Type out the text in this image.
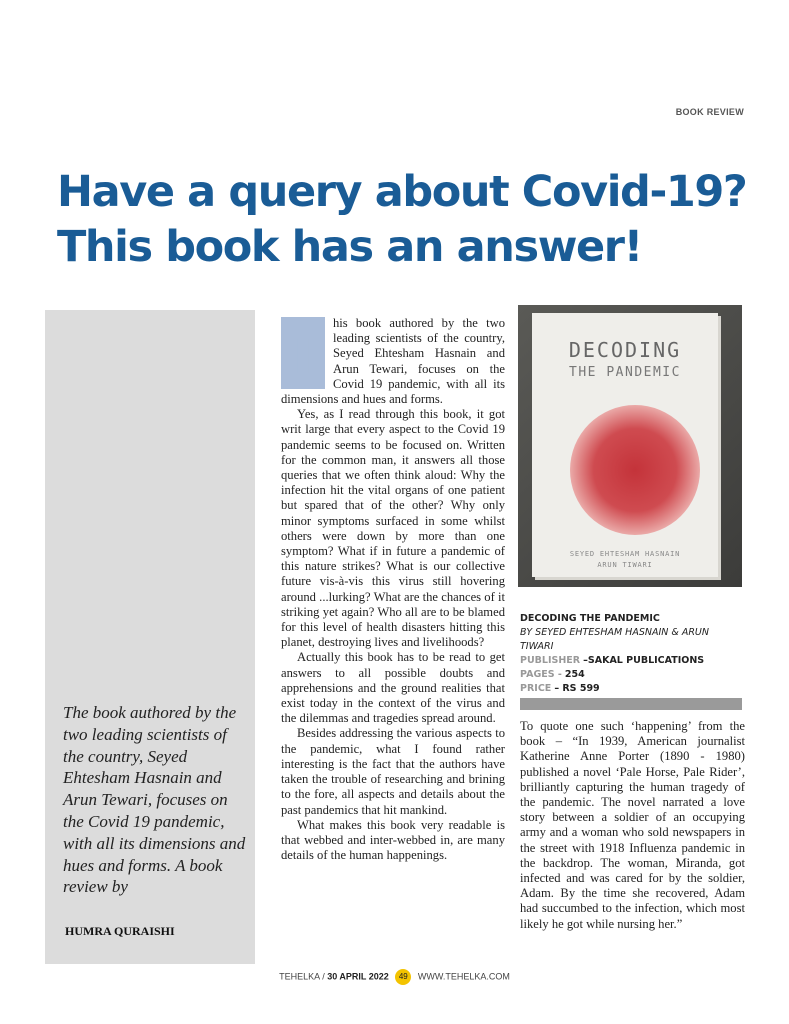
BOOK REVIEW
Have a query about Covid-19?
This book has an answer!
The book authored by the two leading scientists of the country, Seyed Ehtesham Hasnain and Arun Tewari, focuses on the Covid 19 pandemic, with all its dimensions and hues and forms. A book review by
HUMRA QURAISHI
T his book authored by the two leading scientists of the country, Seyed Ehtesham Hasnain and Arun Tewari, focuses on the Covid 19 pandemic, with all its dimensions and hues and forms.

Yes, as I read through this book, it got writ large that every aspect to the Covid 19 pandemic seems to be focused on. Written for the common man, it answers all those queries that we often think aloud: Why the infection hit the vital organs of one patient but spared that of the other? Why only minor symptoms surfaced in some whilst others were down by more than one symptom? What if in future a pandemic of this nature strikes? What is our collective future vis-à-vis this virus still hovering around ...lurking? What are the chances of it striking yet again? Who all are to be blamed for this level of health disasters hitting this planet, destroying lives and livelihoods?

Actually this book has to be read to get answers to all possible doubts and apprehensions and the ground realities that exist today in the context of the virus and the dilemmas and tragedies spread around.

Besides addressing the various aspects to the pandemic, what I found rather interesting is the fact that the authors have taken the trouble of researching and brining to the fore, all aspects and details about the past pandemics that hit mankind.

What makes this book very readable is that webbed and inter-webbed in, are many details of the human happenings.

DECODING
THE PANDEMIC
SEYED EHTESHAM HASNAIN
ARUN TIWARI
DECODING THE PANDEMIC
BY SEYED EHTESHAM HASNAIN & ARUN TIWARI
PUBLISHER –SAKAL PUBLICATIONS
PAGES - 254
PRICE – RS 599

To quote one such ‘happening’ from the book – “In 1939, American journalist Katherine Anne Porter (1890 - 1980) published a novel ‘Pale Horse, Pale Rider’, brilliantly capturing the human tragedy of the pandemic. The novel narrated a love story between a soldier of an occupying army and a woman who sold newspapers in the street with 1918 Influenza pandemic in the backdrop. The woman, Miranda, got infected and was cared for by the soldier, Adam. By the time she recovered, Adam had succumbed to the infection, which most likely he got while nursing her.”

TEHELKA / 30 APRIL 2022 49 WWW.TEHELKA.COM
